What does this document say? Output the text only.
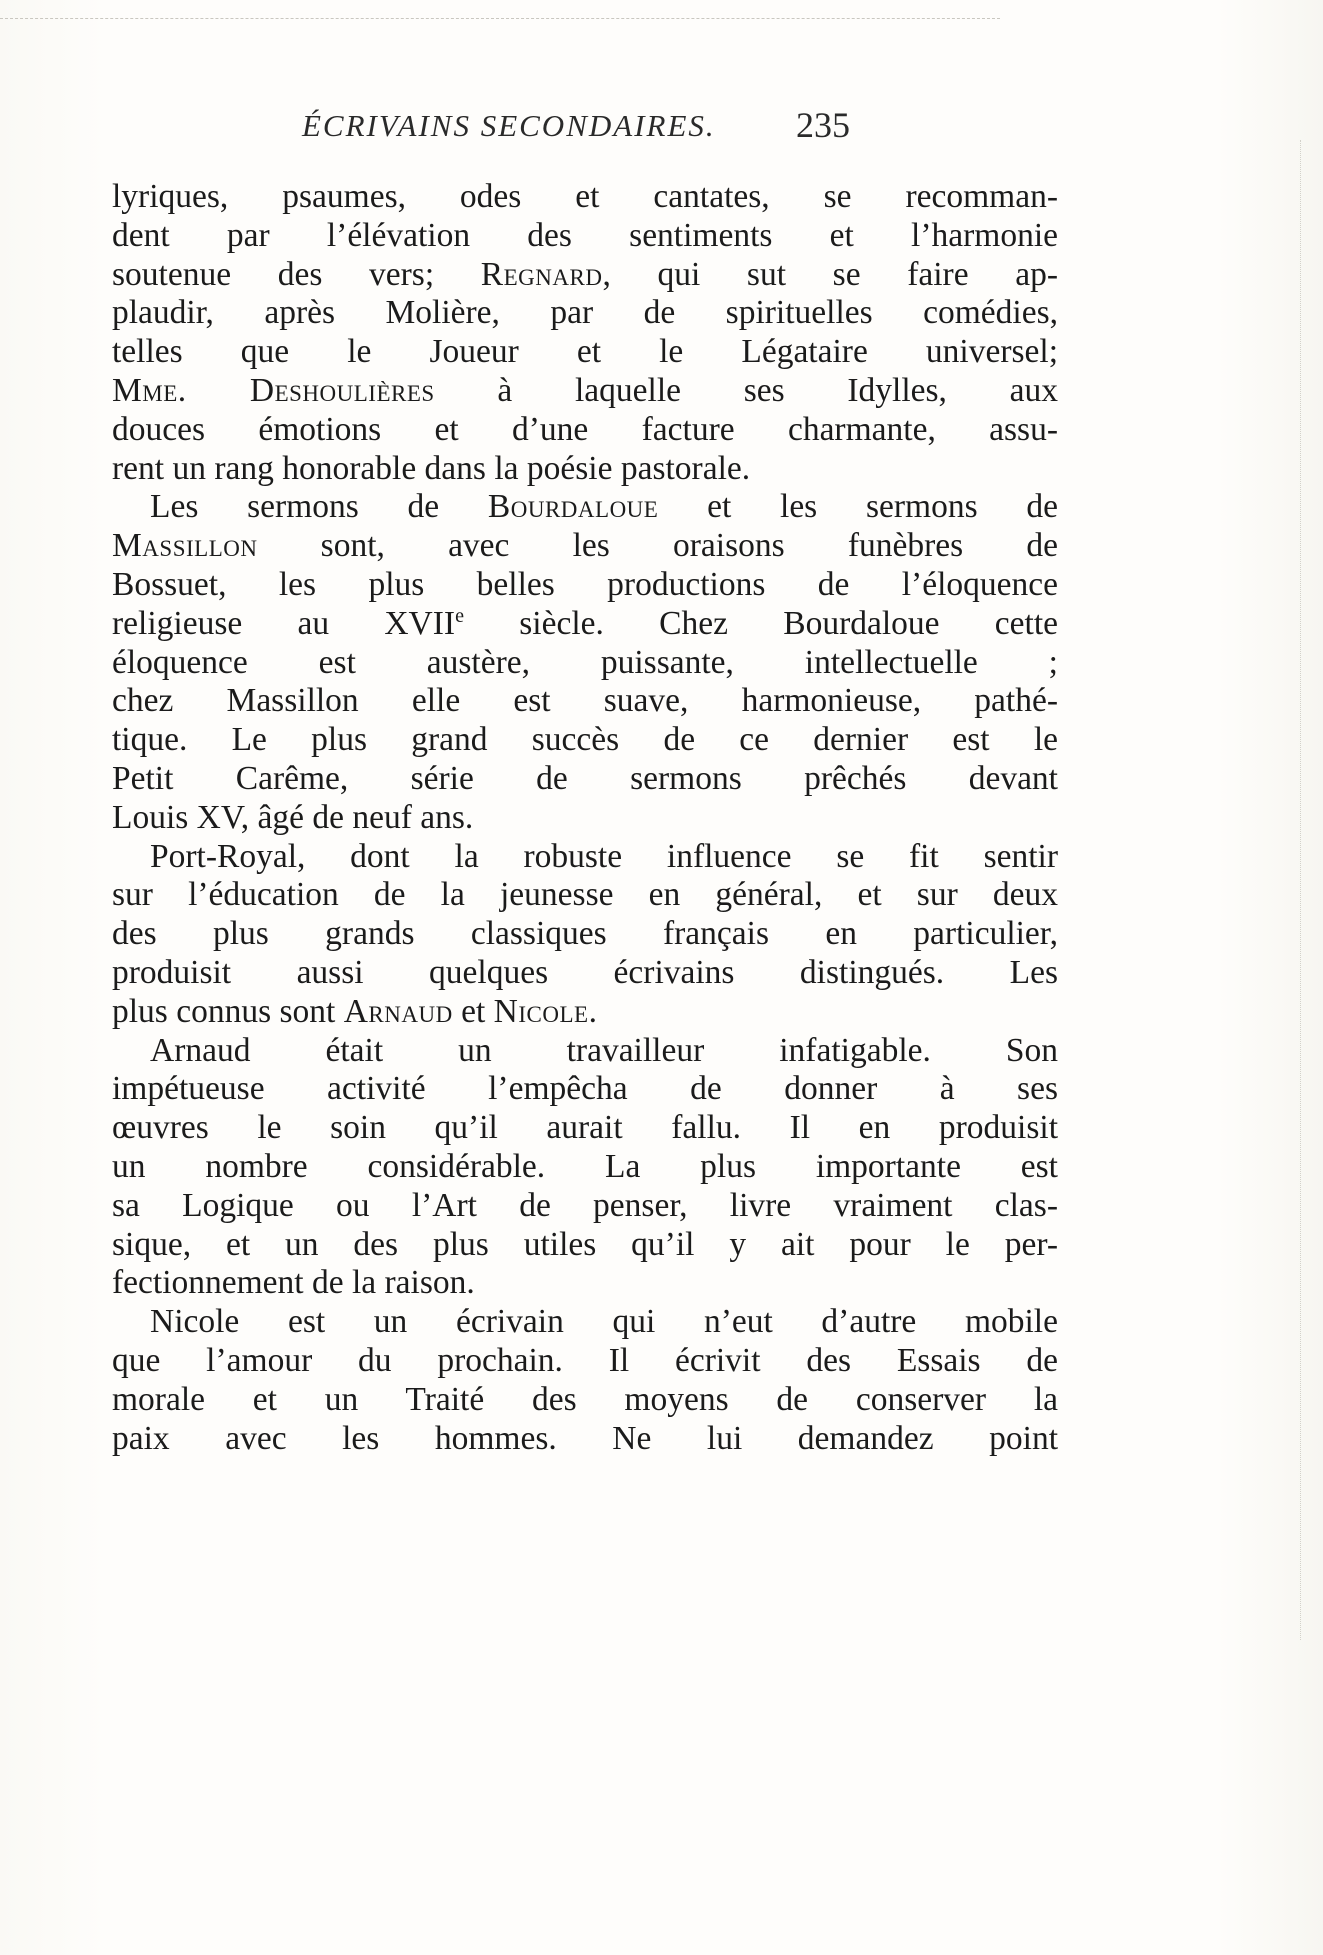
ÉCRIVAINS SECONDAIRES. 235
lyriques, psaumes, odes et cantates, se recomman-
dent par l’élévation des sentiments et l’harmonie
soutenue des vers; Regnard, qui sut se faire ap-
plaudir, après Molière, par de spirituelles comédies,
telles que le Joueur et le Légataire universel;
Mme. Deshoulières à laquelle ses Idylles, aux
douces émotions et d’une facture charmante, assu-
rent un rang honorable dans la poésie pastorale.
Les sermons de Bourdaloue et les sermons de
Massillon sont, avec les oraisons funèbres de
Bossuet, les plus belles productions de l’éloquence
religieuse au XVIIe siècle. Chez Bourdaloue cette
éloquence est austère, puissante, intellectuelle ;
chez Massillon elle est suave, harmonieuse, pathé-
tique. Le plus grand succès de ce dernier est le
Petit Carême, série de sermons prêchés devant
Louis XV, âgé de neuf ans.
Port-Royal, dont la robuste influence se fit sentir
sur l’éducation de la jeunesse en général, et sur deux
des plus grands classiques français en particulier,
produisit aussi quelques écrivains distingués. Les
plus connus sont Arnaud et Nicole.
Arnaud était un travailleur infatigable. Son
impétueuse activité l’empêcha de donner à ses
œuvres le soin qu’il aurait fallu. Il en produisit
un nombre considérable. La plus importante est
sa Logique ou l’Art de penser, livre vraiment clas-
sique, et un des plus utiles qu’il y ait pour le per-
fectionnement de la raison.
Nicole est un écrivain qui n’eut d’autre mobile
que l’amour du prochain. Il écrivit des Essais de
morale et un Traité des moyens de conserver la
paix avec les hommes. Ne lui demandez point
